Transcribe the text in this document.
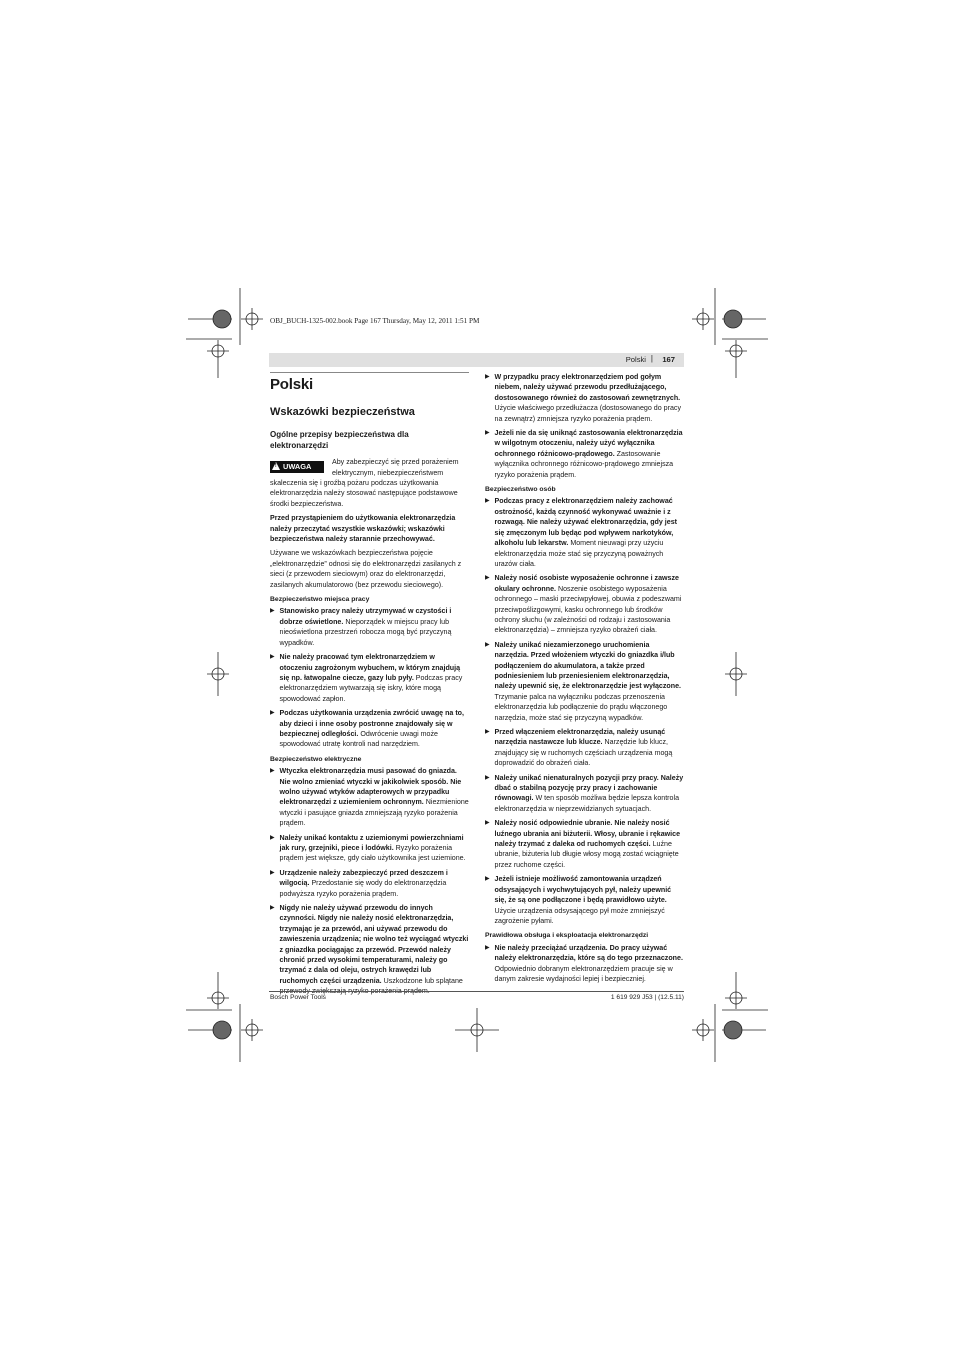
OBJ_BUCH-1325-002.book Page 167 Thursday, May 12, 2011 1:51 PM
Polski | 167
Polski
Wskazówki bezpieczeństwa
Ogólne przepisy bezpieczeństwa dla elektronarzędzi
!UWAGA	Aby zabezpieczyć się przed porażeniem elektrycznym, niebezpieczeństwem skaleczenia się i groźbą pożaru podczas użytkowania elektronarzędzia należy stosować następujące podstawowe środki bezpieczeństwa.

Przed przystąpieniem do użytkowania elektronarzędzia należy przeczytać wszystkie wskazówki; wskazówki bezpieczeństwa należy starannie przechowywać.

Używane we wskazówkach bezpieczeństwa pojęcie „elektronarzędzie” odnosi się do elektronarzędzi zasilanych z sieci (z przewodem sieciowym) oraz do elektronarzędzi, zasilanych akumulatorowo (bez przewodu sieciowego).

Bezpieczeństwo miejsca pracy
▶ Stanowisko pracy należy utrzymywać w czystości i dobrze oświetlone. Nieporządek w miejscu pracy lub nieoświetlona przestrzeń robocza mogą być przyczyną wypadków.
▶ Nie należy pracować tym elektronarzędziem w otoczeniu zagrożonym wybuchem, w którym znajdują się np. łatwopalne ciecze, gazy lub pyły. Podczas pracy elektronarzędziem wytwarzają się iskry, które mogą spowodować zapłon.
▶ Podczas użytkowania urządzenia zwrócić uwagę na to, aby dzieci i inne osoby postronne znajdowały się w bezpiecznej odległości. Odwrócenie uwagi może spowodować utratę kontroli nad narzędziem.
Bezpieczeństwo elektryczne
▶ Wtyczka elektronarzędzia musi pasować do gniazda. Nie wolno zmieniać wtyczki w jakikolwiek sposób. Nie wolno używać wtyków adapterowych w przypadku elektronarzędzi z uziemieniem ochronnym. Niezmienione wtyczki i pasujące gniazda zmniejszają ryzyko porażenia prądem.
▶ Należy unikać kontaktu z uziemionymi powierzchniami jak rury, grzejniki, piece i lodówki. Ryzyko porażenia prądem jest większe, gdy ciało użytkownika jest uziemione.
▶ Urządzenie należy zabezpieczyć przed deszczem i wilgocią. Przedostanie się wody do elektronarzędzia podwyższa ryzyko porażenia prądem.
▶ Nigdy nie należy używać przewodu do innych czynności. Nigdy nie należy nosić elektronarzędzia, trzymając je za przewód, ani używać przewodu do zawieszenia urządzenia; nie wolno też wyciągać wtyczki z gniazdka pociągając za przewód. Przewód należy chronić przed wysokimi temperaturami, należy go trzymać z dala od oleju, ostrych krawędzi lub ruchomych części urządzenia. Uszkodzone lub splątane
▶ W przypadku pracy elektronarzędziem pod gołym niebem, należy używać przewodu przedłużającego, dostosowanego również do zastosowań zewnętrznych. Użycie właściwego przedłużacza (dostosowanego do pracy na zewnątrz) zmniejsza ryzyko porażenia prądem.
▶ Jeżeli nie da się uniknąć zastosowania elektronarzędzia w wilgotnym otoczeniu, należy użyć wyłącznika ochronnego różnicowo-prądowego. Zastosowanie wyłącznika ochronnego różnicowo-prądowego zmniejsza ryzyko porażenia prądem.
Bezpieczeństwo osób
▶ Podczas pracy z elektronarzędziem należy zachować ostrożność, każdą czynność wykonywać uważnie i z rozwagą. Nie należy używać elektronarzędzia, gdy jest się zmęczonym lub będąc pod wpływem narkotyków, alkoholu lub lekarstw. Moment nieuwagi przy użyciu elektronarzędzia może stać się przyczyną poważnych urazów ciała.
▶ Należy nosić osobiste wyposażenie ochronne i zawsze okulary ochronne. Noszenie osobistego wyposażenia ochronnego – maski przeciwpyłowej, obuwia z podeszwami przeciwpoślizgowymi, kasku ochronnego lub środków ochrony słuchu (w zależności od rodzaju i zastosowania elektronarzędzia) – zmniejsza ryzyko obrażeń ciała.
▶ Należy unikać niezamierzonego uruchomienia narzędzia. Przed włożeniem wtyczki do gniazdka i/lub podłączeniem do akumulatora, a także przed podniesieniem lub przeniesieniem elektronarzędzia, należy upewnić się, że elektronarzędzie jest wyłączone. Trzymanie palca na wyłączniku podczas przenoszenia elektronarzędzia lub podłączenie do prądu włączonego narzędzia, może stać się przyczyną wypadków.
▶ Przed włączeniem elektronarzędzia, należy usunąć narzędzia nastawcze lub klucze. Narzędzie lub klucz, znajdujący się w ruchomych częściach urządzenia mogą doprowadzić do obrażeń ciała.
▶ Należy unikać nienaturalnych pozycji przy pracy. Należy dbać o stabilną pozycję przy pracy i zachowanie równowagi. W ten sposób możliwa będzie lepsza kontrola elektronarzędzia w nieprzewidzianych sytuacjach.
▶ Należy nosić odpowiednie ubranie. Nie należy nosić luźnego ubrania ani biżuterii. Włosy, ubranie i rękawice należy trzymać z daleka od ruchomych części. Luźne ubranie, biżuteria lub długie włosy mogą zostać wciągnięte przez ruchome części.
▶ Jeżeli istnieje możliwość zamontowania urządzeń odsysających i wychwytujących pył, należy upewnić się, że są one podłączone i będą prawidłowo użyte. Użycie urządzenia odsysającego pył może zmniejszyć zagrożenie pyłami.
Prawidłowa obsługa i eksploatacja elektronarzędzi
▶ Nie należy przeciążać urządzenia. Do pracy używać należy elektronarzędzia, które są do tego przeznaczone. Odpowiednio dobranym elektronarzędziem pracuje się w danym zakresie wydajności lepiej i bezpieczniej.
Bosch Power Tools	1 619 929 J53 | (12.5.11)
